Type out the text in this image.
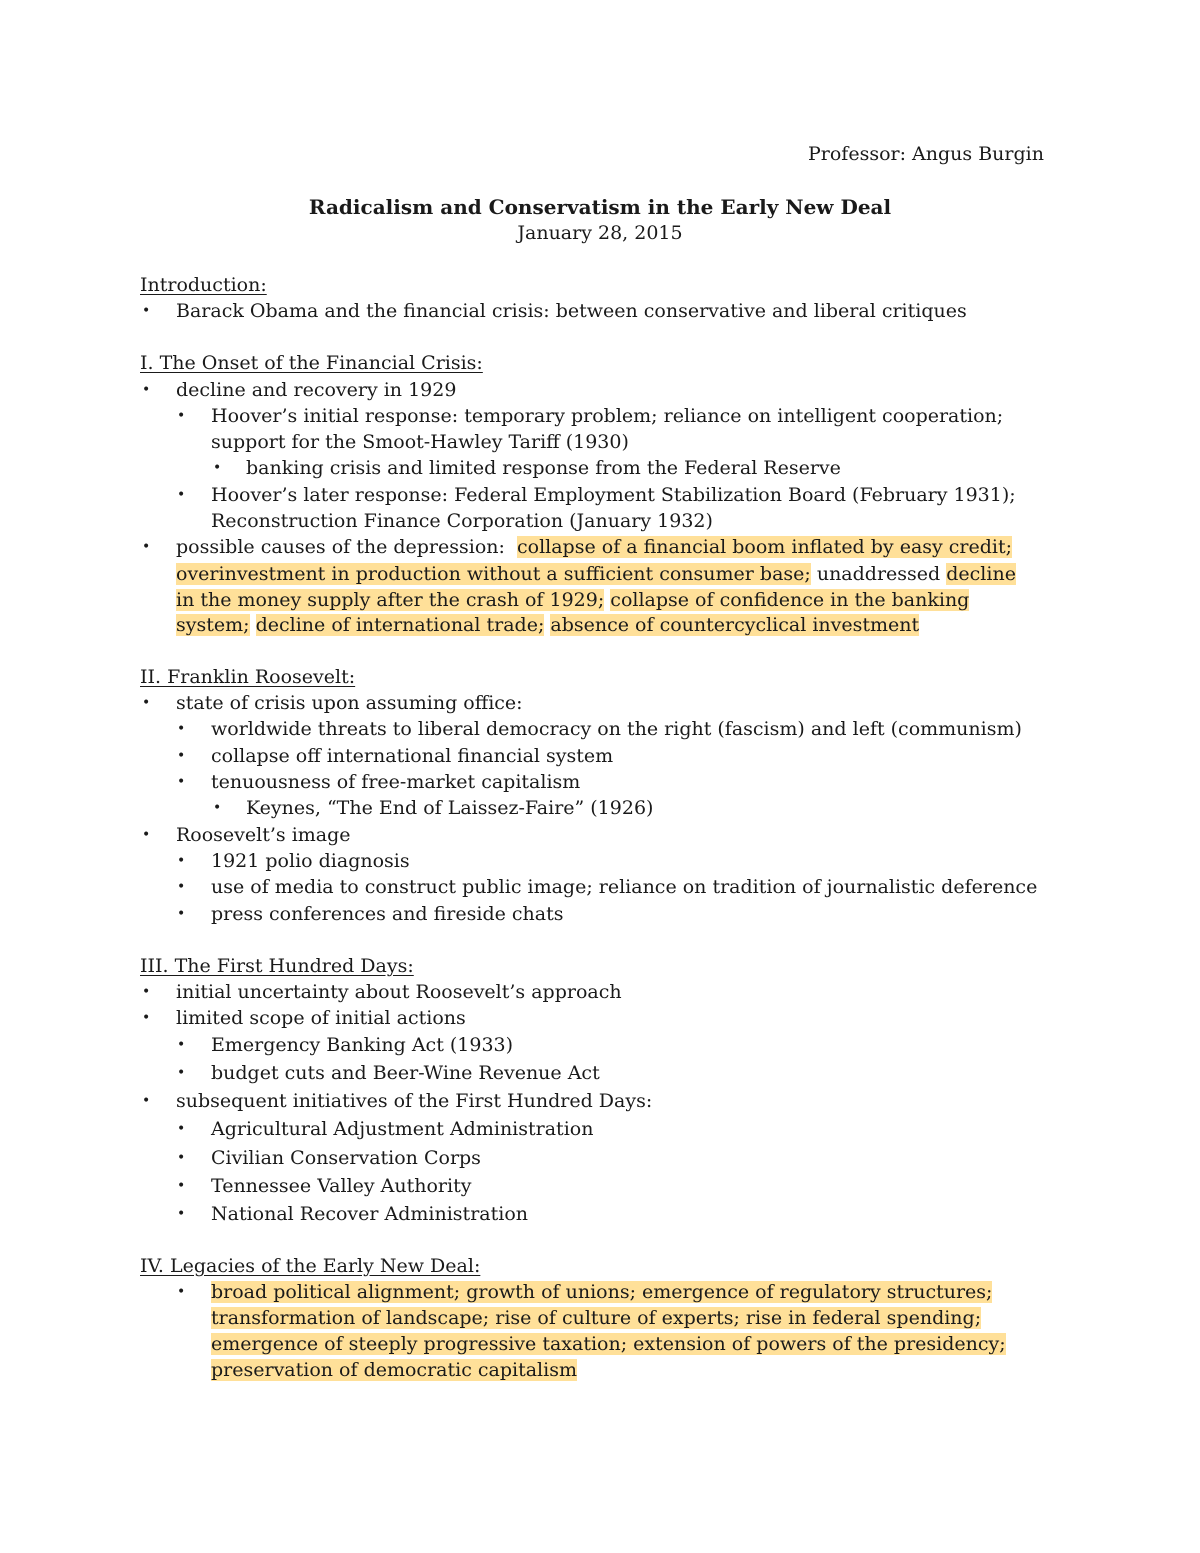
Professor: Angus Burgin
Radicalism and Conservatism in the Early New Deal
January 28, 2015
Introduction:
• Barack Obama and the financial crisis: between conservative and liberal critiques
I. The Onset of the Financial Crisis:
• decline and recovery in 1929
• Hoover’s initial response: temporary problem; reliance on intelligent cooperation;
support for the Smoot-Hawley Tariff (1930)
• banking crisis and limited response from the Federal Reserve
• Hoover’s later response: Federal Employment Stabilization Board (February 1931);
Reconstruction Finance Corporation (January 1932)
• possible causes of the depression:  collapse of a financial boom inflated by easy credit;
overinvestment in production without a sufficient consumer base; unaddressed decline
in the money supply after the crash of 1929; collapse of confidence in the banking
system; decline of international trade; absence of countercyclical investment
II. Franklin Roosevelt:
• state of crisis upon assuming office:
• worldwide threats to liberal democracy on the right (fascism) and left (communism)
• collapse off international financial system
• tenuousness of free-market capitalism
• Keynes, “The End of Laissez-Faire” (1926)
• Roosevelt’s image
• 1921 polio diagnosis
• use of media to construct public image; reliance on tradition of journalistic deference
• press conferences and fireside chats
III. The First Hundred Days:
• initial uncertainty about Roosevelt’s approach
• limited scope of initial actions
• Emergency Banking Act (1933)
• budget cuts and Beer-Wine Revenue Act
• subsequent initiatives of the First Hundred Days:
• Agricultural Adjustment Administration
• Civilian Conservation Corps
• Tennessee Valley Authority
• National Recover Administration
IV. Legacies of the Early New Deal:
• broad political alignment; growth of unions; emergence of regulatory structures;
transformation of landscape; rise of culture of experts; rise in federal spending;
emergence of steeply progressive taxation; extension of powers of the presidency;
preservation of democratic capitalism
